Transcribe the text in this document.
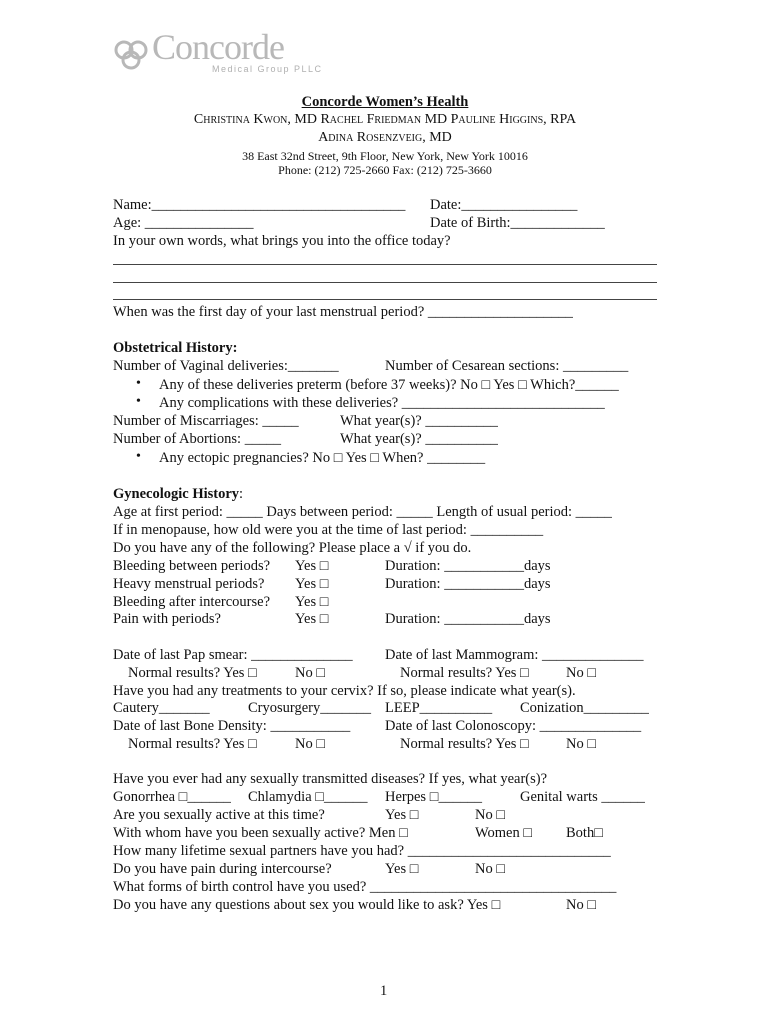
Concorde
Medical Group PLLC
Concorde Women’s Health
Christina Kwon, MD Rachel Friedman MD Pauline Higgins, RPA
Adina Rosenzveig, MD
38 East 32nd Street, 9th Floor, New York, New York 10016
Phone: (212) 725-2660 Fax: (212) 725-3660
Name:___________________________________ Date:________________
Age: _______________	Date of Birth:_____________
In your own words, what brings you into the office today?
When was the first day of your last menstrual period? ____________________
Obstetrical History:
Number of Vaginal deliveries:_______	Number of Cesarean sections: _________
• Any of these deliveries preterm (before 37 weeks)? No □ Yes □ Which?______
• Any complications with these deliveries? ____________________________
Number of Miscarriages: _____	What year(s)? __________
Number of Abortions: _____	What year(s)? __________
• Any ectopic pregnancies? No □ Yes □ When? ________
Gynecologic History:
Age at first period: _____ Days between period: _____ Length of usual period: _____
If in menopause, how old were you at the time of last period: __________
Do you have any of the following? Please place a √ if you do.
Bleeding between periods? Yes □	Duration: ___________days
Heavy menstrual periods? Yes □	Duration: ___________days
Bleeding after intercourse? Yes □
Pain with periods?	Yes □	Duration: ___________days
Date of last Pap smear: ______________ Date of last Mammogram: ______________
Normal results? Yes □	No □	Normal results? Yes □	No □
Have you had any treatments to your cervix? If so, please indicate what year(s).
Cautery_______	Cryosurgery_______ LEEP__________ Conization_________
Date of last Bone Density: ___________ Date of last Colonoscopy: ______________
Normal results? Yes □	No □	Normal results? Yes □	No □
Have you ever had any sexually transmitted diseases? If yes, what year(s)?
Gonorrhea □______ Chlamydia □______ Herpes □______	Genital warts ______
Are you sexually active at this time?	Yes □	No □
With whom have you been sexually active? Men □	Women □ Both□
How many lifetime sexual partners have you had? ____________________________
Do you have pain during intercourse?	Yes □	No □
What forms of birth control have you used? __________________________________
Do you have any questions about sex you would like to ask? Yes □	No □
1
